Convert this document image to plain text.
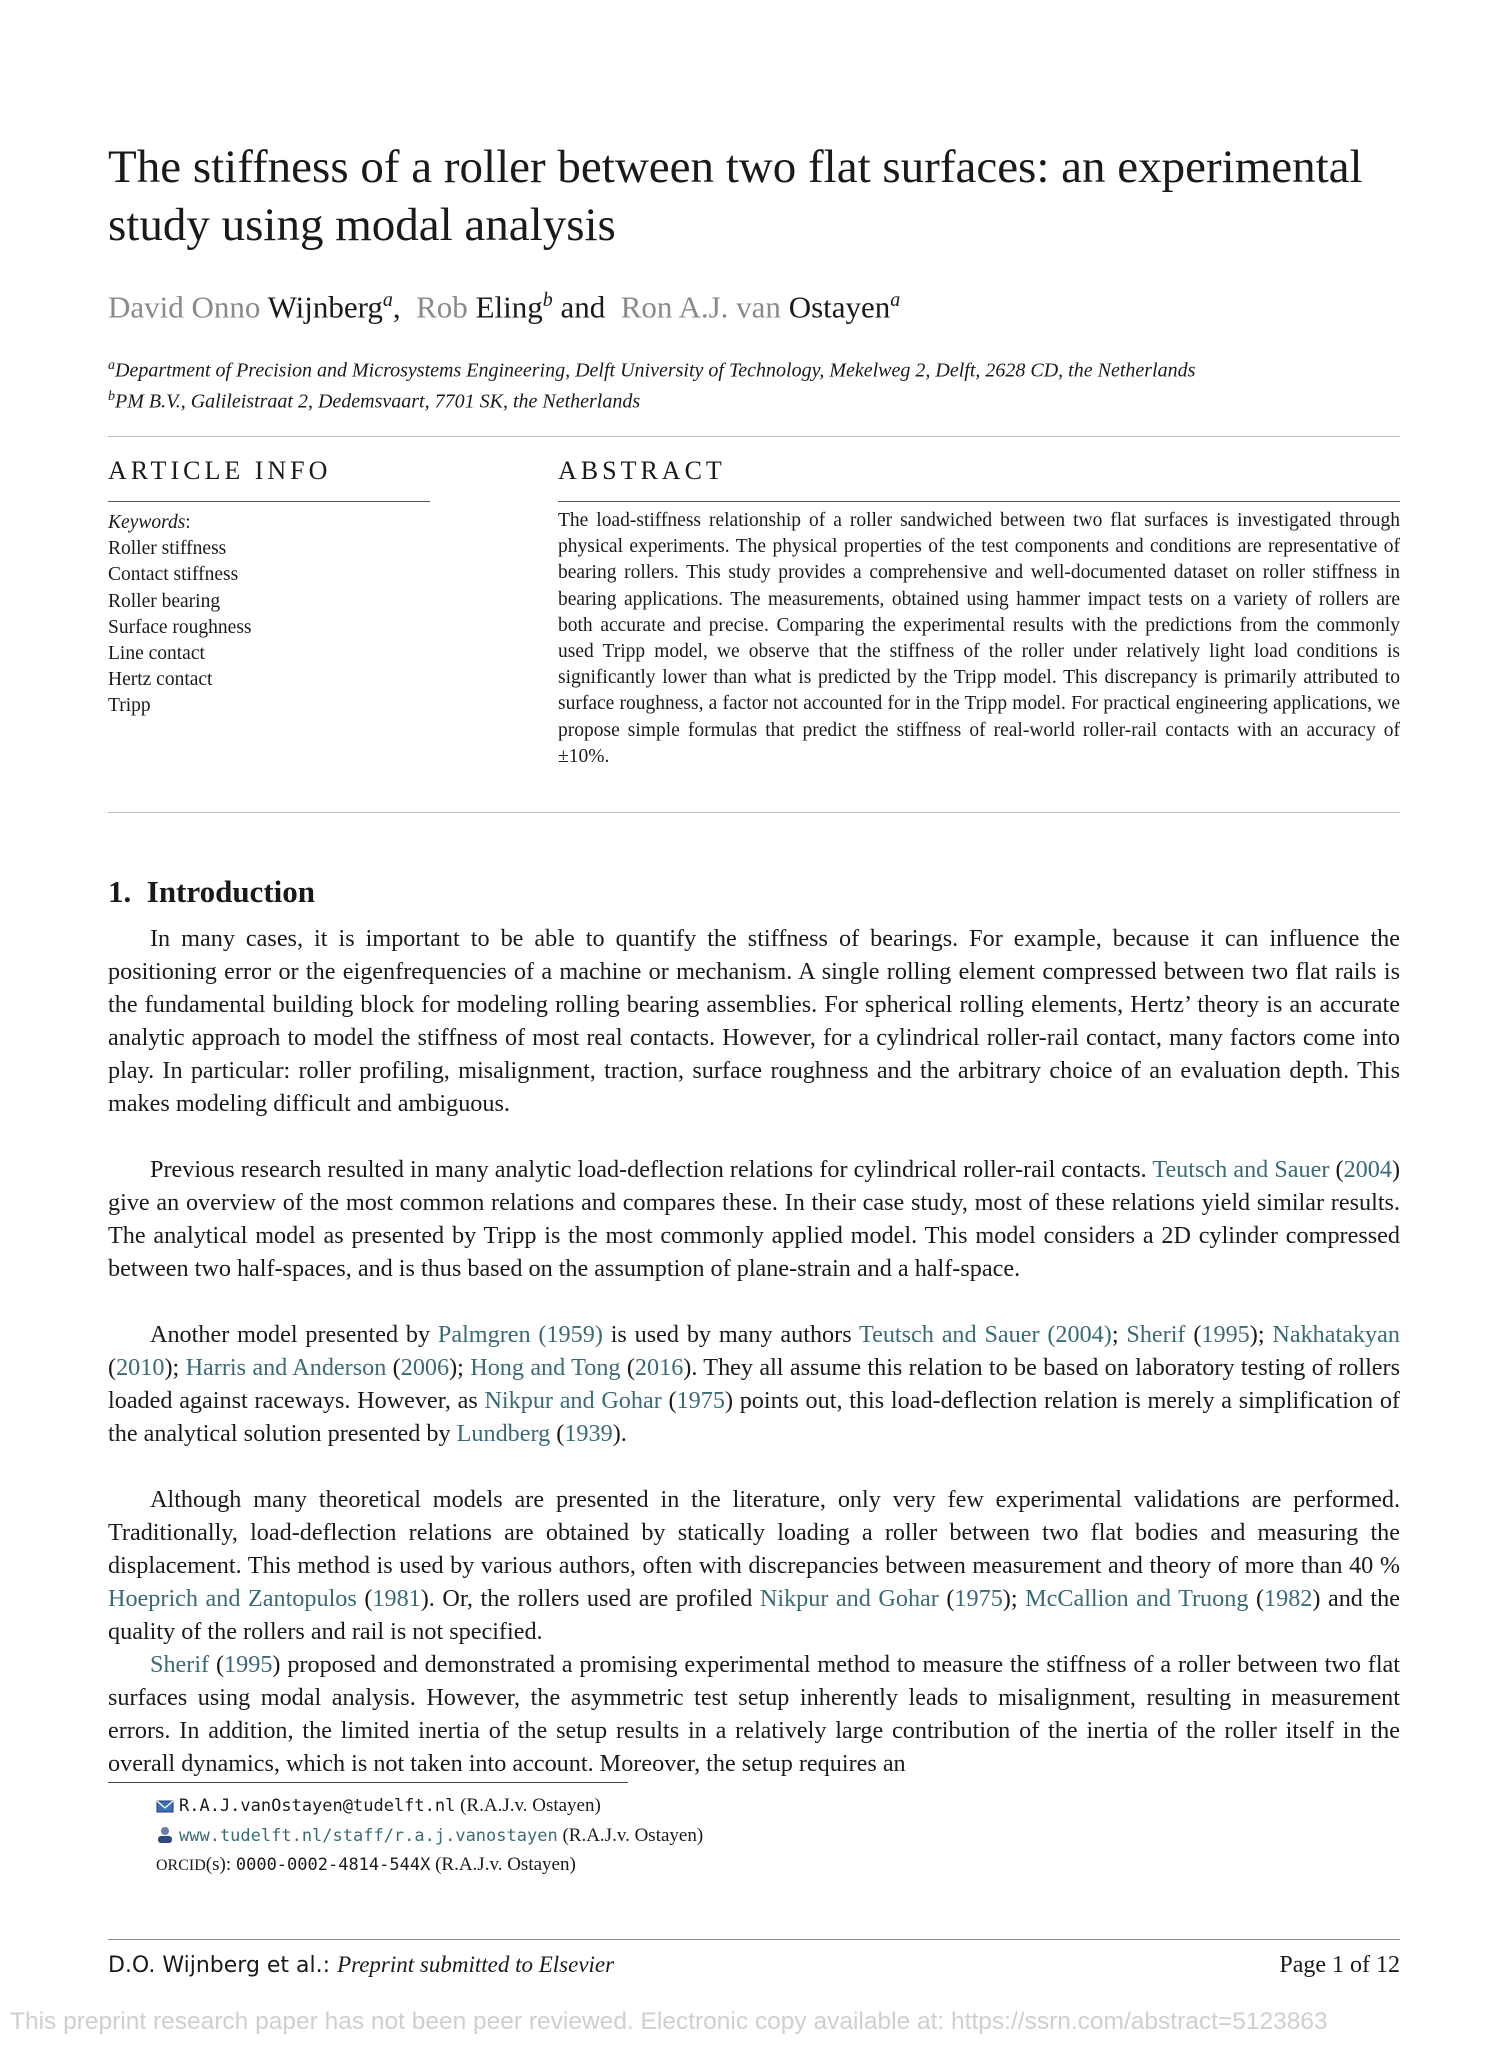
The stiffness of a roller between two flat surfaces: an experimental study using modal analysis
David Onno Wijnberg$^a$,  Rob Eling$^b$ and  Ron A.J. van Ostayen$^a$
$^a$Department of Precision and Microsystems Engineering, Delft University of Technology, Mekelweg 2, Delft, 2628 CD, the Netherlands
$^b$PM B.V., Galileistraat 2, Dedemsvaart, 7701 SK, the Netherlands
ARTICLE INFO
Keywords:
Roller stiffness
Contact stiffness
Roller bearing
Surface roughness
Line contact
Hertz contact
Tripp
ABSTRACT

The load-stiffness relationship of a roller sandwiched between two flat surfaces is investigated through physical experiments. The physical properties of the test components and conditions are representative of bearing rollers. This study provides a comprehensive and well-documented dataset on roller stiffness in bearing applications. The measurements, obtained using hammer impact tests on a variety of rollers are both accurate and precise. Comparing the experimental results with the predictions from the commonly used Tripp model, we observe that the stiffness of the roller under relatively light load conditions is significantly lower than what is predicted by the Tripp model. This discrepancy is primarily attributed to surface roughness, a factor not accounted for in the Tripp model. For practical engineering applications, we propose simple formulas that predict the stiffness of real-world roller-rail contacts with an accuracy of ±10%.

1. Introduction

In many cases, it is important to be able to quantify the stiffness of bearings. For example, because it can influence the positioning error or the eigenfrequencies of a machine or mechanism. A single rolling element compressed between two flat rails is the fundamental building block for modeling rolling bearing assemblies. For spherical rolling elements, Hertz’ theory is an accurate analytic approach to model the stiffness of most real contacts. However, for a cylindrical roller-rail contact, many factors come into play. In particular: roller profiling, misalignment, traction, surface roughness and the arbitrary choice of an evaluation depth. This makes modeling difficult and ambiguous.

Previous research resulted in many analytic load-deflection relations for cylindrical roller-rail contacts. Teutsch and Sauer (2004) give an overview of the most common relations and compares these. In their case study, most of these relations yield similar results. The analytical model as presented by Tripp is the most commonly applied model. This model considers a 2D cylinder compressed between two half-spaces, and is thus based on the assumption of plane-strain and a half-space.

Another model presented by Palmgren (1959) is used by many authors Teutsch and Sauer (2004); Sherif (1995); Nakhatakyan (2010); Harris and Anderson (2006); Hong and Tong (2016). They all assume this relation to be based on laboratory testing of rollers loaded against raceways. However, as Nikpur and Gohar (1975) points out, this load-deflection relation is merely a simplification of the analytical solution presented by Lundberg (1939).

Although many theoretical models are presented in the literature, only very few experimental validations are performed. Traditionally, load-deflection relations are obtained by statically loading a roller between two flat bodies and measuring the displacement. This method is used by various authors, often with discrepancies between measurement and theory of more than 40 % Hoeprich and Zantopulos (1981). Or, the rollers used are profiled Nikpur and Gohar (1975); McCallion and Truong (1982) and the quality of the rollers and rail is not specified.

Sherif (1995) proposed and demonstrated a promising experimental method to measure the stiffness of a roller between two flat surfaces using modal analysis. However, the asymmetric test setup inherently leads to misalignment, resulting in measurement errors. In addition, the limited inertia of the setup results in a relatively large contribution of the inertia of the roller itself in the overall dynamics, which is not taken into account. Moreover, the setup requires an

R.A.J.vanOstayen@tudelft.nl (R.A.J.v. Ostayen)
www.tudelft.nl/staff/r.a.j.vanostayen (R.A.J.v. Ostayen)
ORCID(s): 0000-0002-4814-544X (R.A.J.v. Ostayen)
D.O. Wijnberg et al.: Preprint submitted to Elsevier	Page 1 of 12
This preprint research paper has not been peer reviewed. Electronic copy available at: https://ssrn.com/abstract=5123863
